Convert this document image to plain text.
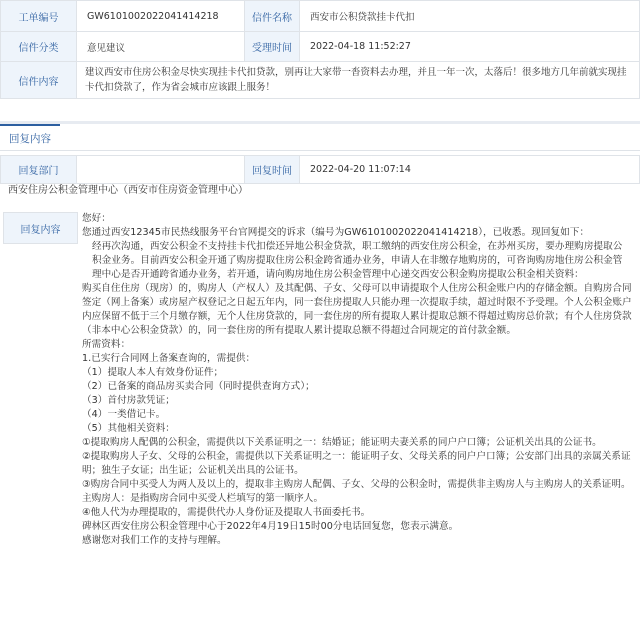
工单编号	GW6101002022041414218	信件名称	西安市公积贷款挂卡代扣
信件分类	意见建议	受理时间	2022-04-18 11:52:27
信件内容	建议西安市住房公积金尽快实现挂卡代扣贷款，别再让大家带一沓资料去办理，并且一年一次，太落后！很多地方几年前就实现挂卡代扣贷款了，作为省会城市应该跟上服务！		
回复内容
回复部门		回复时间	2022-04-20 11:07:14
西安住房公积金管理中心（西安市住房资金管理中心）
回复内容

您好：

您通过西安12345市民热线服务平台官网提交的诉求（编号为GW6101002022041414218），已收悉。现回复如下：

经再次沟通，西安公积金不支持挂卡代扣偿还异地公积金贷款，职工缴纳的西安住房公积金，在苏州买房，要办理购房提取公积金业务。目前西安公积金开通了购房提取住房公积金跨省通办业务，申请人在非缴存地购房的，可咨询购房地住房公积金管理中心是否开通跨省通办业务，若开通，请向购房地住房公积金管理中心递交西安公积金购房提取公积金相关资料：

购买自住住房（现房）的，购房人（产权人）及其配偶、子女、父母可以申请提取个人住房公积金账户内的存储金额。自购房合同签定（网上备案）或房屋产权登记之日起五年内，同一套住房提取人只能办理一次提取手续，超过时限不予受理。个人公积金账户内应保留不低于三个月缴存额，无个人住房贷款的，同一套住房的所有提取人累计提取总额不得超过购房总价款；有个人住房贷款（非本中心公积金贷款）的，同一套住房的所有提取人累计提取总额不得超过合同规定的首付款金额。

所需资料：

1.已实行合同网上备案查询的，需提供：

（1）提取人本人有效身份证件；

（2）已备案的商品房买卖合同（同时提供查询方式）；

（3）首付房款凭证；

（4）一类借记卡。

（5）其他相关资料：

①提取购房人配偶的公积金，需提供以下关系证明之一：结婚证；能证明夫妻关系的同户户口簿；公证机关出具的公证书。

②提取购房人子女、父母的公积金，需提供以下关系证明之一：能证明子女、父母关系的同户户口簿；公安部门出具的亲属关系证明；独生子女证；出生证；公证机关出具的公证书。

③购房合同中买受人为两人及以上的，提取非主购房人配偶、子女、父母的公积金时，需提供非主购房人与主购房人的关系证明。主购房人：是指购房合同中买受人栏填写的第一顺序人。

④他人代为办理提取的，需提供代办人身份证及提取人书面委托书。

碑林区西安住房公积金管理中心于2022年4月19日15时00分电话回复您，您表示满意。

感谢您对我们工作的支持与理解。
